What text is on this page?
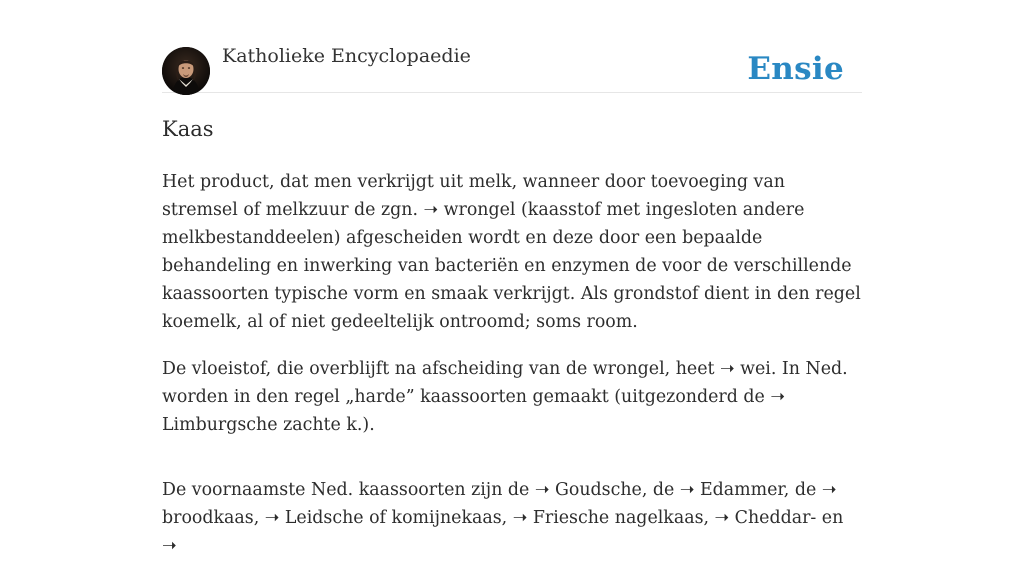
Katholieke Encyclopaedie	Ensie
Kaas

Het product, dat men verkrijgt uit melk, wanneer door toevoeging van stremsel of melkzuur de zgn. ➝ wrongel (kaasstof met ingesloten andere melkbestanddeelen) afgescheiden wordt en deze door een bepaalde behandeling en inwerking van bacteriën en enzymen de voor de verschillende kaassoorten typische vorm en smaak verkrijgt. Als grondstof dient in den regel koemelk, al of niet gedeeltelijk ontroomd; soms room.

De vloeistof, die overblijft na afscheiding van de wrongel, heet ➝ wei. In Ned. worden in den regel „harde” kaassoorten gemaakt (uitgezonderd de ➝ Limburgsche zachte k.).

De voornaamste Ned. kaassoorten zijn de ➝ Goudsche, de ➝ Edammer, de ➝ broodkaas, ➝ Leidsche of komijnekaas, ➝ Friesche nagelkaas, ➝ Cheddar- en ➝
